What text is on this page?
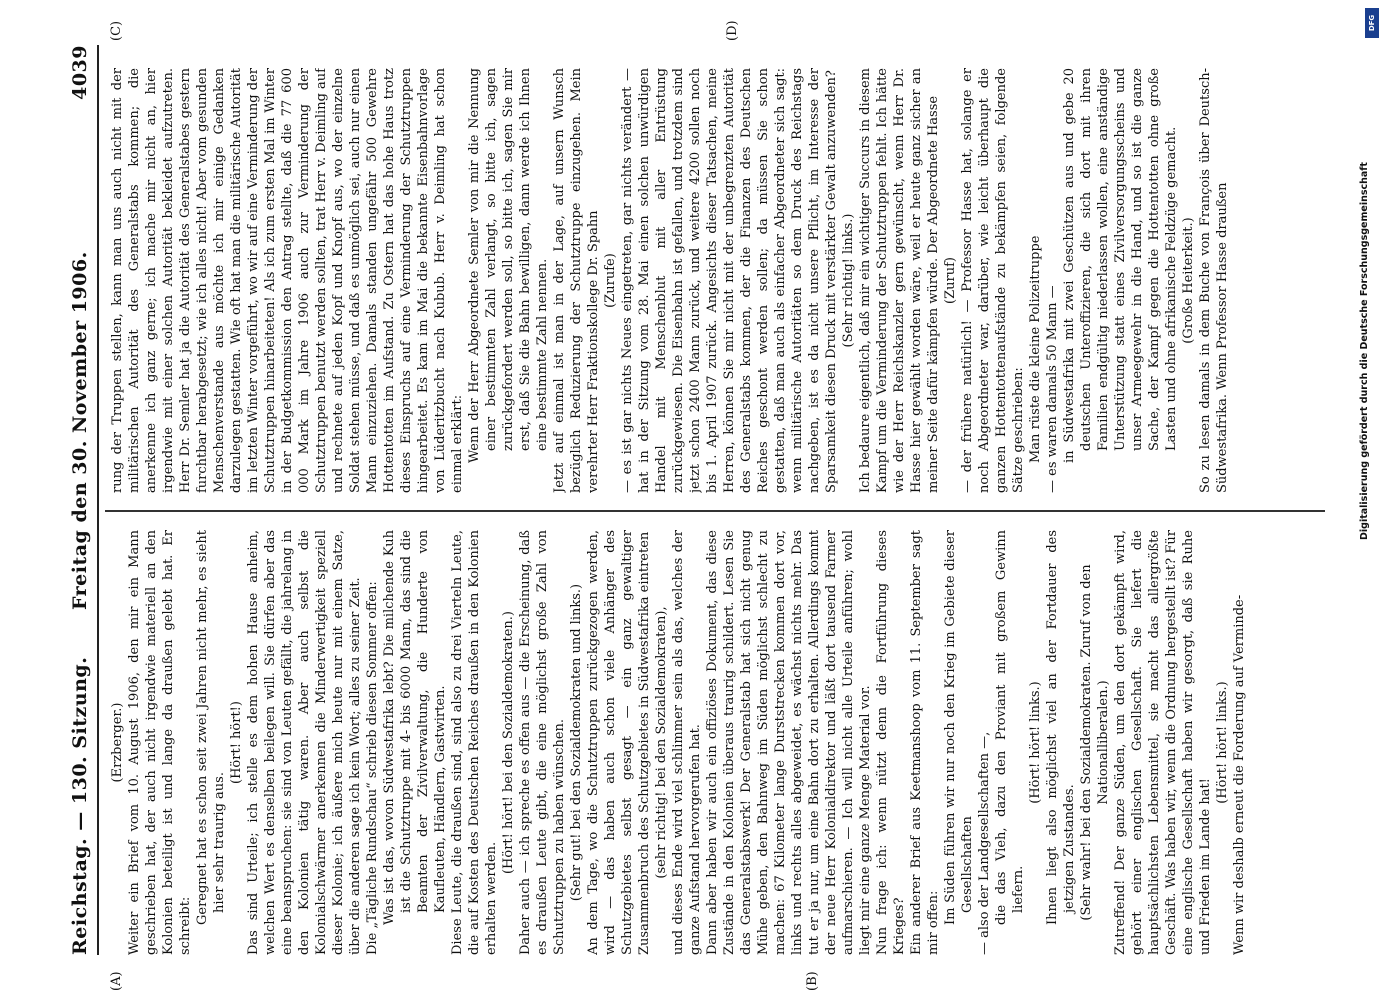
Reichstag. — 130. Sitzung.
Freitag den 30. November 1906.
4039

(Erzberger.) Weiter ein Brief vom 10. August 1906, den mir ein Mann geschrieben hat, der auch nicht irgendwie materiell an den Kolonien beteiligt ist und lange da draußen gelebt hat. Er schreibt:

Geregnet hat es schon seit zwei Jahren nicht mehr, es sieht hier sehr traurig aus.

(Hört! hört!) Das sind Urteile; ich stelle es dem hohen Hause anheim, welchen Wert es denselben beilegen will. Sie dürfen aber das eine beanspruchen: sie sind von Leuten gefällt, die jahrelang in den Kolonien tätig waren. Aber auch selbst die Kolonialschwärmer anerkennen die Minderwertigkeit speziell dieser Kolonie; ich äußere mich heute nur mit einem Satze, über die anderen sage ich kein Wort; alles zu seiner Zeit. Die „Tägliche Rundschau“ schrieb diesen Sommer offen: Was ist das, wovon Südwestafrika lebt? Die milchende Kuh ist die Schutztruppe mit 4- bis 6000 Mann, das sind die Beamten der Zivilverwaltung, die Hunderte von Kaufleuten, Händlern, Gastwirten. Diese Leute, die draußen sind, sind also zu drei Vierteln Leute, die auf Kosten des Deutschen Reiches draußen in den Kolonien erhalten werden.

(Hört! hört! bei den Sozialdemokraten.) Daher auch — ich spreche es offen aus — die Erscheinung, daß es draußen Leute gibt, die eine möglichst große Zahl von Schutztruppen zu haben wünschen. (Sehr gut! bei den Sozialdemokraten und links.) An dem Tage, wo die Schutztruppen zurückgezogen werden, wird — das haben auch schon viele Anhänger des Schutzgebietes selbst gesagt — ein ganz gewaltiger Zusammenbruch des Schutzgebietes in Südwestafrika eintreten (sehr richtig! bei den Sozialdemokraten), und dieses Ende wird viel schlimmer sein als das, welches der ganze Aufstand hervorgerufen hat. Dann aber haben wir auch ein offiziöses Dokument, das diese Zustände in den Kolonien überaus traurig schildert. Lesen Sie das Generalstabswerk! Der Generalstab hat sich nicht genug Mühe geben, den Bahnweg im Süden möglichst schlecht zu machen: 67 Kilometer lange Durststrecken kommen dort vor, links und rechts alles abgeweidet, es wächst nichts mehr. Das tut er ja nur, um eine Bahn dort zu erhalten. Allerdings kommt der neue Herr Kolonialdirektor und läßt dort tausend Farmer aufmarschieren. — Ich will nicht alle Urteile anführen; wohl liegt mir eine ganze Menge Material vor. Nun frage ich: wenn nützt denn die Fortführung dieses Krieges? Ein anderer Brief aus Keetmanshoop vom 11. September sagt mir offen: Im Süden führen wir nur noch den Krieg im Gebiete dieser Gesellschaften — also der Landgesellschaften —, die das Vieh, dazu den Proviant mit großem Gewinn liefern.

(Hört! hört! links.) Ihnen liegt also möglichst viel an der Fortdauer des jetzigen Zustandes. (Sehr wahr! bei den Sozialdemokraten. Zuruf von den Nationalliberalen.) Zutreffend! Der ganze Süden, um den dort gekämpft wird, gehört einer englischen Gesellschaft. Sie liefert die hauptsächlichsten Lebensmittel, sie macht das allergrößte Geschäft. Was haben wir, wenn die Ordnung hergestellt ist? Für eine englische Gesellschaft haben wir gesorgt, daß sie Ruhe und Frieden im Lande hat!

(Hört! hört! links.) Wenn wir deshalb erneut die Forderung auf Verminde-

rung der Truppen stellen, kann man uns auch nicht mit der militärischen Autorität des Generalstabs kommen; die anerkenne ich ganz gerne; ich mache mir nicht an, hier irgendwie mit einer solchen Autorität bekleidet aufzutreten. Herr Dr. Semler hat ja die Autorität des Generalstabes gestern furchtbar herabgesetzt; wie ich alles nicht! Aber vom gesunden Menschenverstande aus möchte ich mir einige Gedanken darzulegen gestatten. Wie oft hat man die militärische Autorität im letzten Winter vorgeführt, wo wir auf eine Verminderung der Schutztruppen hinarbeiteten! Als ich zum ersten Mal im Winter in der Budgetkommission den Antrag stellte, daß die 77 600 000 Mark im Jahre 1906 auch zur Verminderung der Schutztruppen benutzt werden sollten, trat Herr v. Deimling auf und rechnete auf jeden Kopf und Knopf aus, wo der einzelne Soldat stehen müsse, und daß es unmöglich sei, auch nur einen Mann einzuziehen. Damals standen ungefähr 500 Gewehre Hottentotten im Aufstand. Zu Ostern hat das hohe Haus trotz dieses Einspruchs auf eine Verminderung der Schutztruppen hingearbeitet. Es kam im Mai die bekannte Eisenbahnvorlage von Lüderitzbucht nach Kubub. Herr v. Deimling hat schon einmal erklärt: Wenn der Herr Abgeordnete Semler von mir die Nennung einer bestimmten Zahl verlangt, so bitte ich, sagen zurückgefordert werden soll, so bitte ich, sagen Sie mir erst, daß Sie die Bahn bewilligen, dann werde ich Ihnen eine bestimmte Zahl nennen. Jetzt auf einmal ist man in der Lage, auf unsern Wunsch bezüglich Reduzierung der Schutztruppe einzugehen. Mein verehrter Herr Fraktionskollege Dr. Spahn (Zurufe) — es ist gar nichts Neues eingetreten, gar nichts verändert — hat in der Sitzung vom 28. Mai einen solchen unwürdigen Handel mit Menschenblut mit aller Entrüstung zurückgewiesen. Die Eisenbahn ist gefallen, und trotzdem sind jetzt schon 2400 Mann zurück, und weitere 4200 sollen noch bis 1. April 1907 zurück. Angesichts dieser Tatsachen, meine Herren, können Sie mir nicht mit der unbegrenzten Autorität des Generalstabs kommen, der die Finanzen des Deutschen Reiches geschont werden sollen; da müssen Sie schon gestatten, daß man auch als einfacher Abgeordneter sich sagt: wenn militärische Autoritäten so dem Druck des Reichstags nachgeben, ist es da nicht unsere Pflicht, im Interesse der Sparsamkeit diesen Druck mit verstärkter Gewalt anzuwenden? (Sehr richtig! links.) Ich bedaure eigentlich, daß mir ein wichtiger Succurs in diesem Kampf um die Verminderung der Schutztruppen fehlt. Ich hätte wie der Herr Reichskanzler gern gewünscht, wenn Herr Dr. Hasse hier gewählt worden wäre, weil er heute ganz sicher an meiner Seite dafür kämpfen würde. Der Abgeordnete Hasse (Zuruf) — der frühere natürlich! — Professor Hasse hat, solange er noch Abgeordneter war, darüber, wie leicht überhaupt die ganzen Hottentottenaufstände zu bekämpfen seien, folgende Sätze geschrieben: Man rüste die kleine Polizeitruppe — es waren damals 50 Mann — in Südwestafrika mit zwei Geschützen aus und gebe 20 deutschen Unteroffizieren, die sich dort mit ihren Familien endgültig niederlassen wollen, eine anständige Unterstützung statt eines Zivilversorgungsscheins und unser Armeegewehr in die Hand, und so ist die ganze Sache, der Kampf gegen die Hottentotten ohne große Lasten und ohne afrikanische Feldzüge gemacht. (Große Heiterkeit.) So zu lesen damals in dem Buche von François über Deutsch-Südwestafrika. Wenn Professor Hasse draußen

(A)	(B)
(C)	(D)	DFG
Digitalisierung gefördert durch die Deutsche Forschungsgemeinschaft
